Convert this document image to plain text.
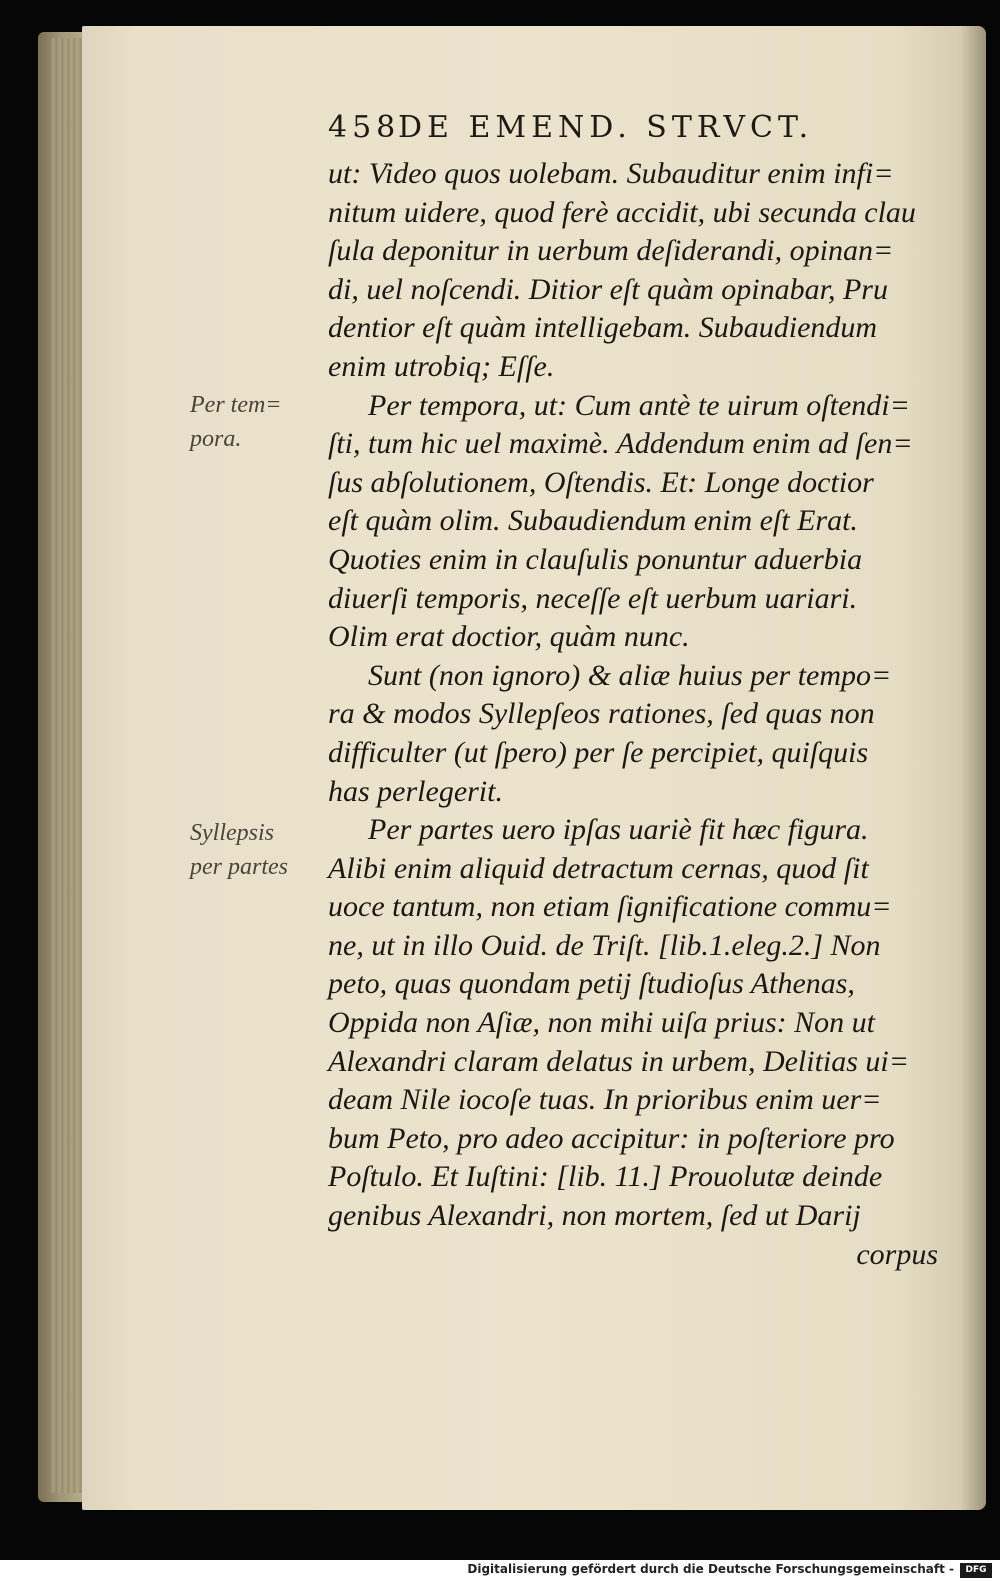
458DE EMEND. STRVCT.
Per tem=
pora.
Syllepsis
per partes
ut: Video quos uolebam. Subauditur enim infi=
nitum uidere, quod ferè accidit, ubi secunda clau
ſula deponitur in uerbum deſiderandi, opinan=
di, uel noſcendi. Ditior eſt quàm opinabar, Pru
dentior eſt quàm intelligebam. Subaudiendum
enim utrobiq; Eſſe.
Per tempora, ut: Cum antè te uirum oſtendi=
ſti, tum hic uel maximè. Addendum enim ad ſen=
ſus abſolutionem, Oſtendis. Et: Longe doctior
eſt quàm olim. Subaudiendum enim eſt Erat.
Quoties enim in clauſulis ponuntur aduerbia
diuerſi temporis, neceſſe eſt uerbum uariari.
Olim erat doctior, quàm nunc.
Sunt (non ignoro) & aliæ huius per tempo=
ra & modos Syllepſeos rationes, ſed quas non
difficulter (ut ſpero) per ſe percipiet, quiſquis
has perlegerit.
Per partes uero ipſas uariè fit hæc figura.
Alibi enim aliquid detractum cernas, quod ſit
uoce tantum, non etiam ſignificatione commu=
ne, ut in illo Ouid. de Triſt. [lib.1.eleg.2.] Non
peto, quas quondam petij ſtudioſus Athenas,
Oppida non Aſiæ, non mihi uiſa prius: Non ut
Alexandri claram delatus in urbem, Delitias ui=
deam Nile iocoſe tuas. In prioribus enim uer=
bum Peto, pro adeo accipitur: in poſteriore pro
Poſtulo. Et Iuſtini: [lib. 11.] Prouolutæ deinde
genibus Alexandri, non mortem, ſed ut Darij
corpus
Digitalisierung gefördert durch die Deutsche Forschungsgemeinschaft -	DFG
